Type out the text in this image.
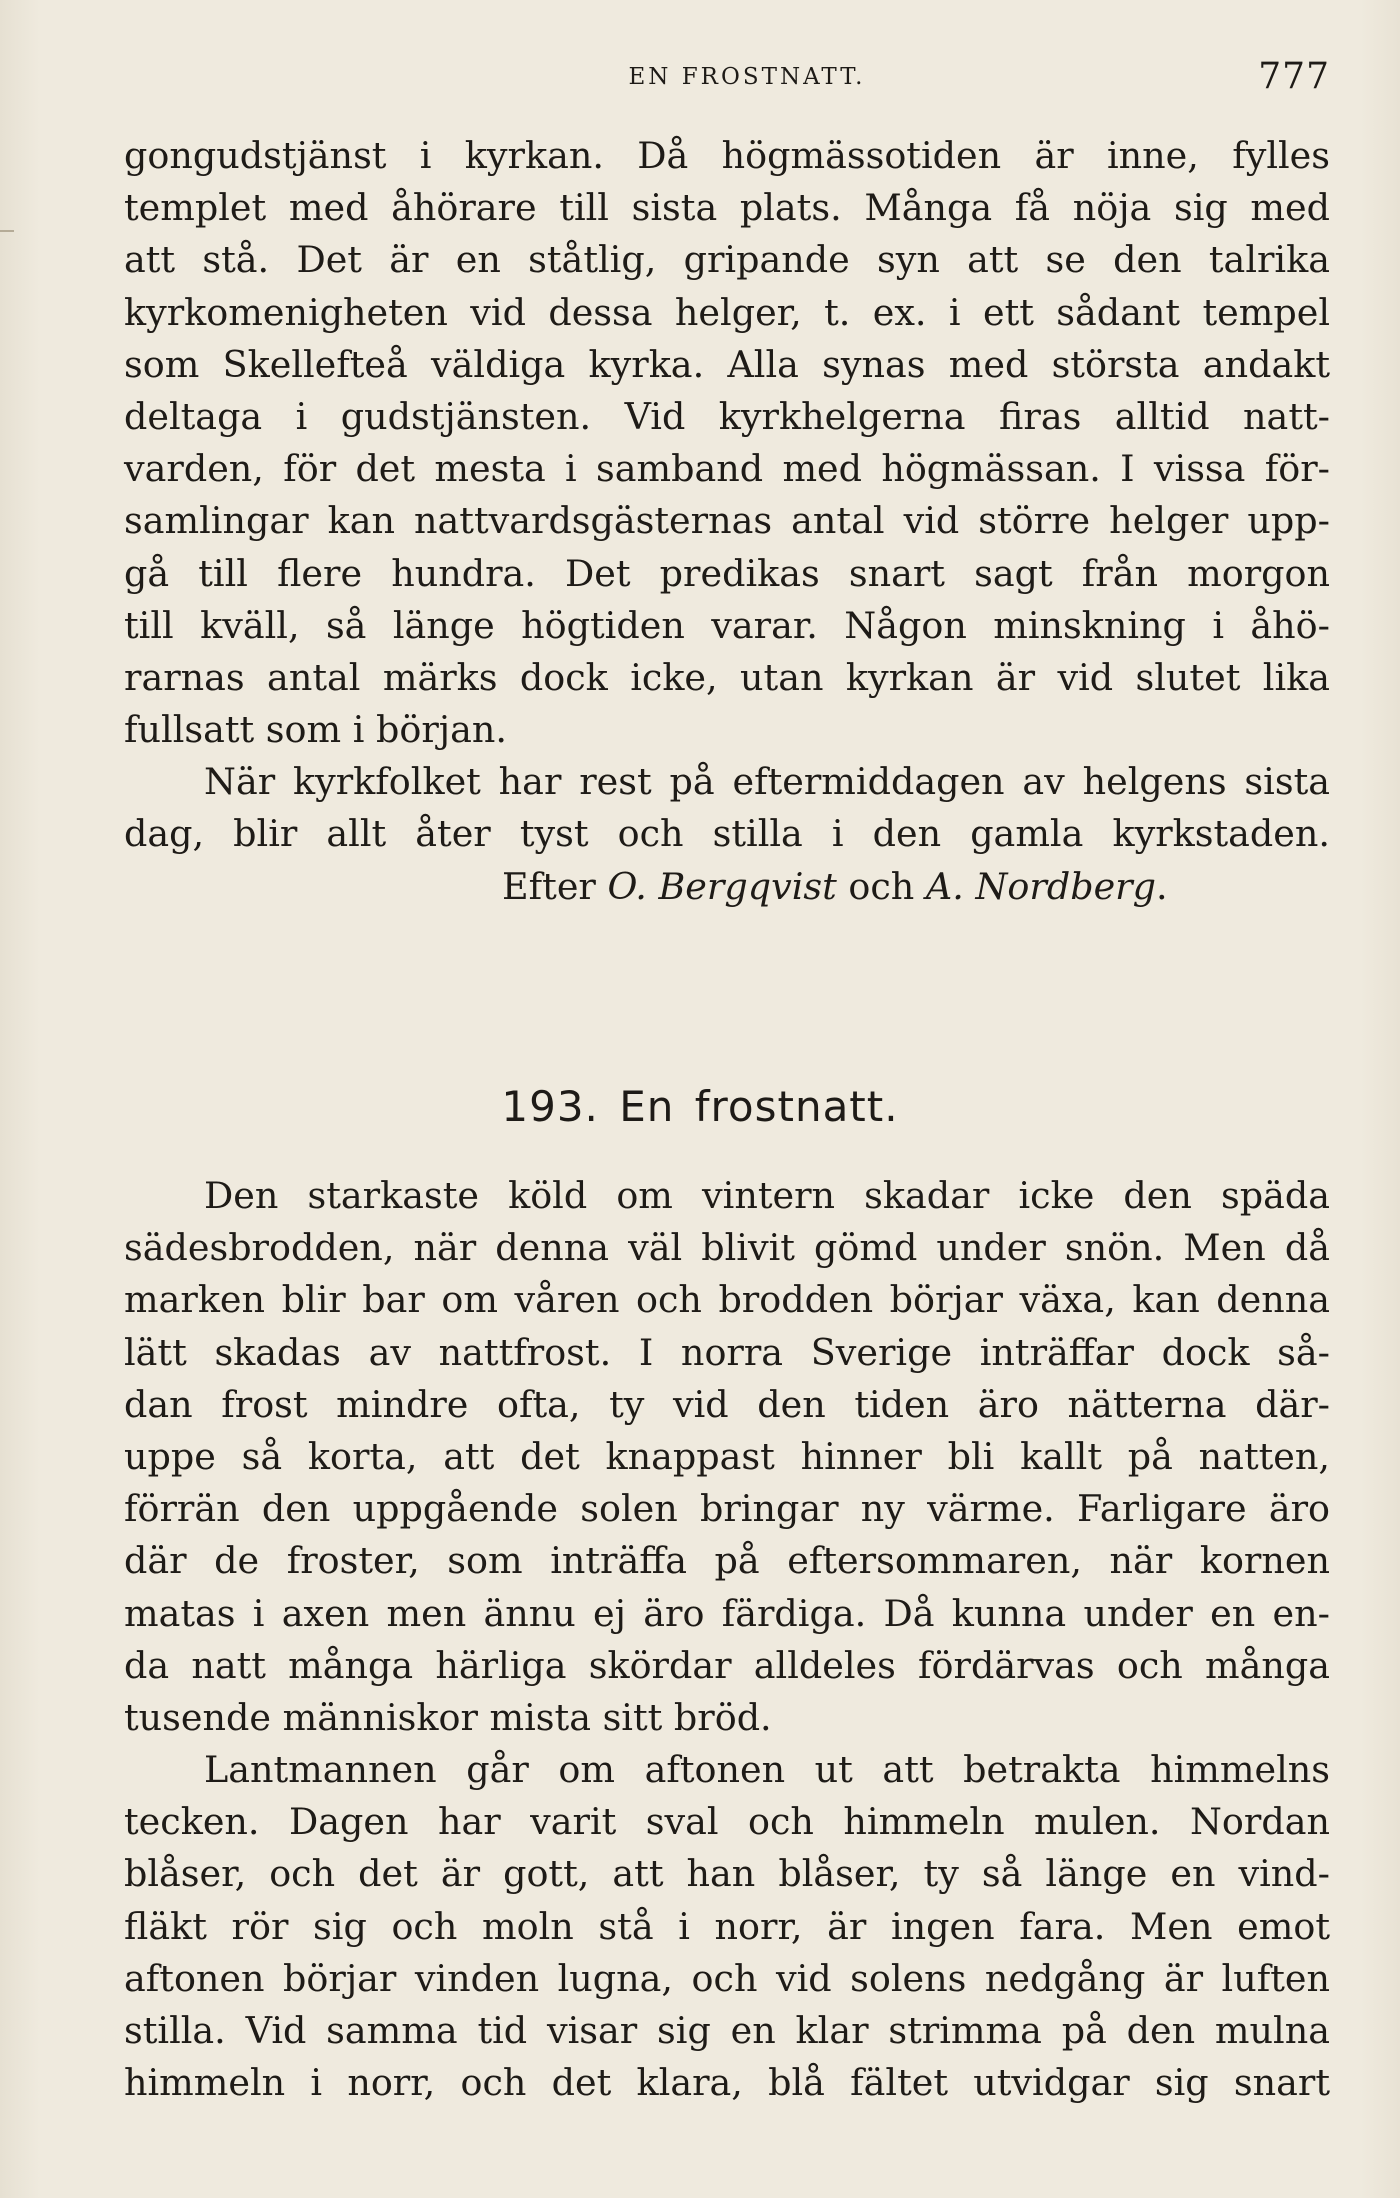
EN FROSTNATT.	777
gongudstjänst i kyrkan. Då högmässotiden är inne, fylles
templet med åhörare till sista plats. Många få nöja sig med
att stå. Det är en ståtlig, gripande syn att se den talrika
kyrkomenigheten vid dessa helger, t. ex. i ett sådant tempel
som Skellefteå väldiga kyrka. Alla synas med största andakt
deltaga i gudstjänsten. Vid kyrkhelgerna firas alltid natt-
varden, för det mesta i samband med högmässan. I vissa för-
samlingar kan nattvardsgästernas antal vid större helger upp-
gå till flere hundra. Det predikas snart sagt från morgon
till kväll, så länge högtiden varar. Någon minskning i åhö-
rarnas antal märks dock icke, utan kyrkan är vid slutet lika
fullsatt som i början.
När kyrkfolket har rest på eftermiddagen av helgens sista
dag, blir allt åter tyst och stilla i den gamla kyrkstaden.
Efter O. Bergqvist och A. Nordberg.
193. En frostnatt.
Den starkaste köld om vintern skadar icke den späda
sädesbrodden, när denna väl blivit gömd under snön. Men då
marken blir bar om våren och brodden börjar växa, kan denna
lätt skadas av nattfrost. I norra Sverige inträffar dock så-
dan frost mindre ofta, ty vid den tiden äro nätterna där-
uppe så korta, att det knappast hinner bli kallt på natten,
förrän den uppgående solen bringar ny värme. Farligare äro
där de froster, som inträffa på eftersommaren, när kornen
matas i axen men ännu ej äro färdiga. Då kunna under en en-
da natt många härliga skördar alldeles fördärvas och många
tusende människor mista sitt bröd.
Lantmannen går om aftonen ut att betrakta himmelns
tecken. Dagen har varit sval och himmeln mulen. Nordan
blåser, och det är gott, att han blåser, ty så länge en vind-
fläkt rör sig och moln stå i norr, är ingen fara. Men emot
aftonen börjar vinden lugna, och vid solens nedgång är luften
stilla. Vid samma tid visar sig en klar strimma på den mulna
himmeln i norr, och det klara, blå fältet utvidgar sig snart
